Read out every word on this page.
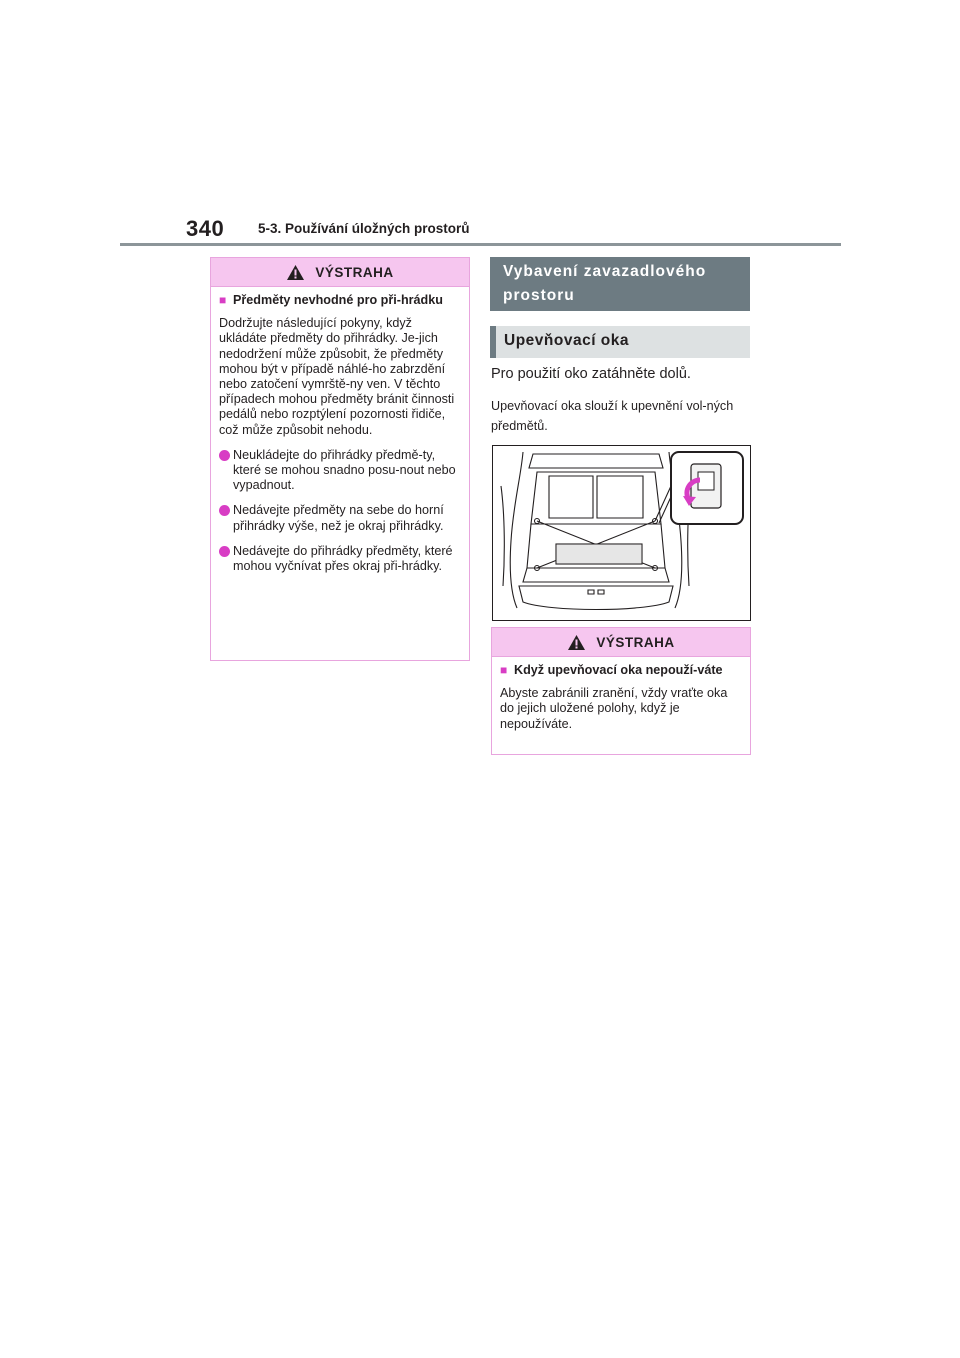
340	5-3. Používání úložných prostorů
VÝSTRAHA
■ Předměty nevhodné pro při-hrádku
Dodržujte následující pokyny, když ukládáte předměty do přihrádky. Je-jich nedodržení může způsobit, že předměty mohou být v případě náhlé-ho zabrzdění nebo zatočení vymrště-ny ven. V těchto případech mohou předměty bránit činnosti pedálů nebo rozptýlení pozornosti řidiče, což může způsobit nehodu.
Neukládejte do přihrádky předmě-ty, které se mohou snadno posu-nout nebo vypadnout.
Nedávejte předměty na sebe do horní přihrádky výše, než je okraj přihrádky.
Nedávejte do přihrádky předměty, které mohou vyčnívat přes okraj při-hrádky.
Vybavení zavazadlového prostoru
Upevňovací oka
Pro použití oko zatáhněte dolů.
Upevňovací oka slouží k upevnění vol-ných předmětů.
VÝSTRAHA
■ Když upevňovací oka nepouží-váte
Abyste zabránili zranění, vždy vraťte oka do jejich uložené polohy, když je nepoužíváte.
